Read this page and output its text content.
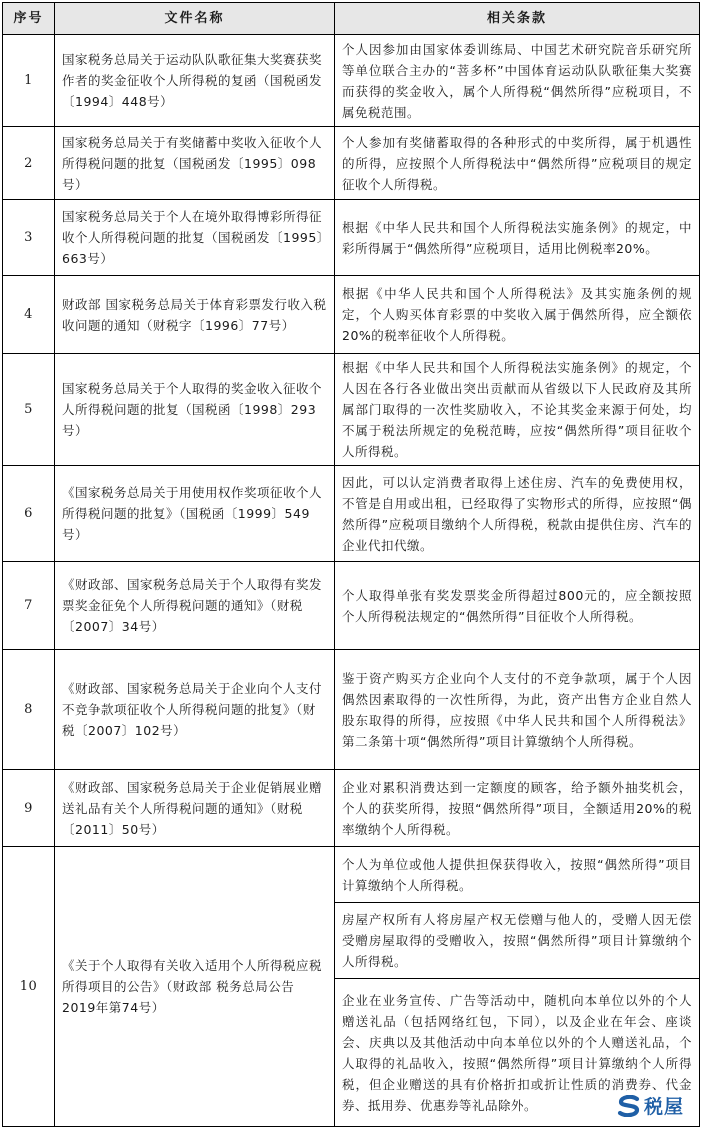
序号	文件名称	相关条款
1	国家税务总局关于运动队队歌征集大奖赛获奖作者的奖金征收个人所得税的复函（国税函发〔1994〕448号）	个人因参加由国家体委训练局、中国艺术研究院音乐研究所等单位联合主办的“菩多杯”中国体育运动队队歌征集大奖赛而获得的奖金收入，属个人所得税“偶然所得”应税项目，不属免税范围。
2	国家税务总局关于有奖储蓄中奖收入征收个人所得税问题的批复（国税函发〔1995〕098号）	个人参加有奖储蓄取得的各种形式的中奖所得，属于机遇性的所得，应按照个人所得税法中“偶然所得”应税项目的规定征收个人所得税。
3	国家税务总局关于个人在境外取得博彩所得征收个人所得税问题的批复（国税函发〔1995〕663号）	根据《中华人民共和国个人所得税法实施条例》的规定，中彩所得属于“偶然所得”应税项目，适用比例税率20%。
4	财政部 国家税务总局关于体育彩票发行收入税收问题的通知（财税字〔1996〕77号）	根据《中华人民共和国个人所得税法》及其实施条例的规定，个人购买体育彩票的中奖收入属于偶然所得，应全额依20%的税率征收个人所得税。
5	国家税务总局关于个人取得的奖金收入征收个人所得税问题的批复（国税函〔1998〕293号）	根据《中华人民共和国个人所得税法实施条例》的规定，个人因在各行各业做出突出贡献而从省级以下人民政府及其所属部门取得的一次性奖励收入，不论其奖金来源于何处，均不属于税法所规定的免税范畴，应按“偶然所得”项目征收个人所得税。
6	《国家税务总局关于用使用权作奖项征收个人所得税问题的批复》（国税函〔1999〕549号）	因此，可以认定消费者取得上述住房、汽车的免费使用权，不管是自用或出租，已经取得了实物形式的所得，应按照“偶然所得”应税项目缴纳个人所得税，税款由提供住房、汽车的企业代扣代缴。
7	《财政部、国家税务总局关于个人取得有奖发票奖金征免个人所得税问题的通知》（财税〔2007〕34号）	个人取得单张有奖发票奖金所得超过800元的，应全额按照个人所得税法规定的“偶然所得”目征收个人所得税。
8	《财政部、国家税务总局关于企业向个人支付不竞争款项征收个人所得税问题的批复》（财税〔2007〕102号）	鉴于资产购买方企业向个人支付的不竞争款项，属于个人因偶然因素取得的一次性所得，为此，资产出售方企业自然人股东取得的所得，应按照《中华人民共和国个人所得税法》第二条第十项“偶然所得”项目计算缴纳个人所得税。
9	《财政部、国家税务总局关于企业促销展业赠送礼品有关个人所得税问题的通知》（财税〔2011〕50号）	企业对累积消费达到一定额度的顾客，给予额外抽奖机会，个人的获奖所得，按照“偶然所得”项目，全额适用20%的税率缴纳个人所得税。
10	《关于个人取得有关收入适用个人所得税应税所得项目的公告》（财政部 税务总局公告2019年第74号）	个人为单位或他人提供担保获得收入，按照“偶然所得”项目计算缴纳个人所得税。
		房屋产权所有人将房屋产权无偿赠与他人的，受赠人因无偿受赠房屋取得的受赠收入，按照“偶然所得”项目计算缴纳个人所得税。
		企业在业务宣传、广告等活动中，随机向本单位以外的个人赠送礼品（包括网络红包，下同），以及企业在年会、座谈会、庆典以及其他活动中向本单位以外的个人赠送礼品，个人取得的礼品收入，按照“偶然所得”项目计算缴纳个人所得税，但企业赠送的具有价格折扣或折让性质的消费券、代金券、抵用券、优惠券等礼品除外。	税屋
